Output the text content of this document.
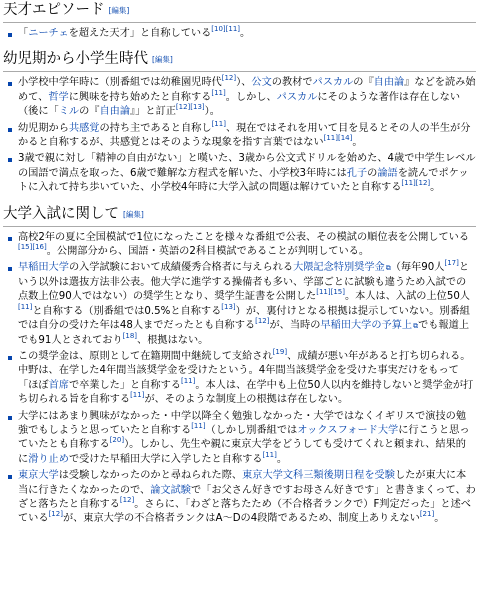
天才エピソード [編集]
「ニーチェを超えた天才」と自称している[10][11]。
幼児期から小学生時代 [編集]
小学校中学年時に（別番組では幼稚園児時代[12]）、公文の教材でパスカルの『自由論』などを読み始めて、哲学に興味を持ち始めたと自称する[11]。しかし、パスカルにそのような著作は存在しない（後に「ミルの『自由論』」と訂正[12][13]）。
幼児期から共感覚の持ち主であると自称し[11]、現在ではそれを用いて目を見るとその人の半生が分かると自称するが、共感覚とはそのような現象を指す言葉ではない[11][14]。
3歳で親に対し「精神の自由がない」と嘆いた、3歳から公文式ドリルを始めた、4歳で中学生レベルの国語で満点を取った、6歳で難解な方程式を解いた、小学校3年時には孔子の論語を読んでポケットに入れて持ち歩いていた、小学校4年時に大学入試の問題は解けていたと自称する[11][12]。
大学入試に関して [編集]
高校2年の夏に全国模試で1位になったことを様々な番組で公表、その模試の順位表を公開している[15][16]。公開部分から、国語・英語の2科目模試であることが判明している。
早稲田大学の入学試験において成績優秀合格者に与えられる大隈記念特別奨学金 ⧉ （毎年90人[17]という以外は選抜方法非公表。他大学に進学する操備者も多い、学部ごとに試験も違うため入試での点数上位90人ではない）の奨学生となり、奨学生証書を公開した[11][15]。本人は、入試の上位50人[11]と自称する（別番組では0.5%と自称する[13]）が、裏付けとなる根拠は提示していない。別番組では自分の受けた年は48人までだったとも自称する[12]が、当時の早稲田大学の予算上 ⧉ でも報道上でも91人とされており[18]、根拠はない。
この奨学金は、原則として在籍期間中継続して支給され[19]、成績が悪い年があると打ち切られる。中野は、在学した4年間当該奨学金を受けたという。4年間当該奨学金を受けた事実だけをもって「ほぼ首席で卒業した」と自称する[11]。本人は、在学中も上位50人以内を維持しないと奨学金が打ち切られる旨を自称する[11]が、そのような制度上の根拠は存在しない。
大学にはあまり興味がなかった・中学以降全く勉強しなかった・大学ではなくイギリスで演技の勉強でもしようと思っていたと自称する[11]（しかし別番組ではオックスフォード大学に行こうと思っていたとも自称する[20]）。しかし、先生や親に東京大学をどうしても受けてくれと頼まれ、結果的に滑り止めで受けた早稲田大学に入学したと自称する[11]。
東京大学は受験しなかったのかと尋ねられた際、東京大学文科三類後期日程を受験したが東大に本当に行きたくなかったので、論文試験で「お父さん好きですお母さん好きです」と書きまくって、わざと落ちたと自称する[12]。さらに、「わざと落ちたため（不合格者ランクで）F判定だった」と述べている[12]が、東京大学の不合格者ランクはA〜Dの4段階であるため、制度上ありえない[21]。
